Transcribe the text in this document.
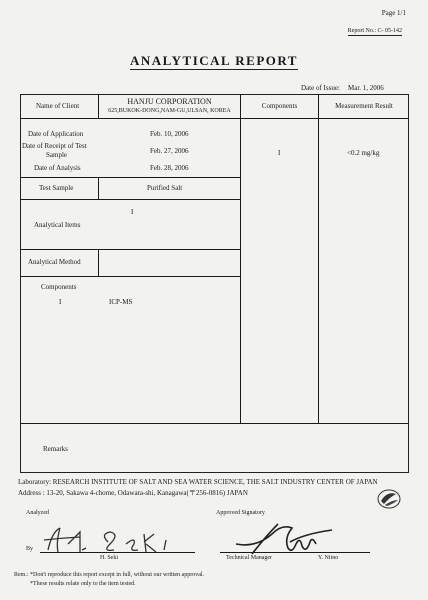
Page 1/1
Report No.: C- 05-142
ANALYTICAL REPORT
Date of Issue: Mar. 1, 2006
Name of Client	HANJU CORPORATION
625,BUKOK-DONG,NAM-GU,ULSAN, KOREA
Components	Measurement Result
Date of Application	Feb. 10, 2006
Date of Receipt of Test
Sample	Feb. 27, 2006
Date of Analysis	Feb. 28, 2006
I	<0.2 mg/kg
Test Sample	Purified Salt
Analytical Items
I
Analytical Method
Components
I	ICP-MS
Remarks
Laboratory: RESEARCH INSTITUTE OF SALT AND SEA WATER SCIENCE, THE SALT INDUSTRY CENTER OF JAPAN
Address : 13-20, Sakawa 4-chome, Odawara-shi, Kanagawa(〒256-0816) JAPAN
Analyzed	Approved Signatory
By
H. Seki	Technical Manager	Y. Niino
Rem.: *Don't reproduce this report except in full, without our written approval.
*These results relate only to the item tested.
